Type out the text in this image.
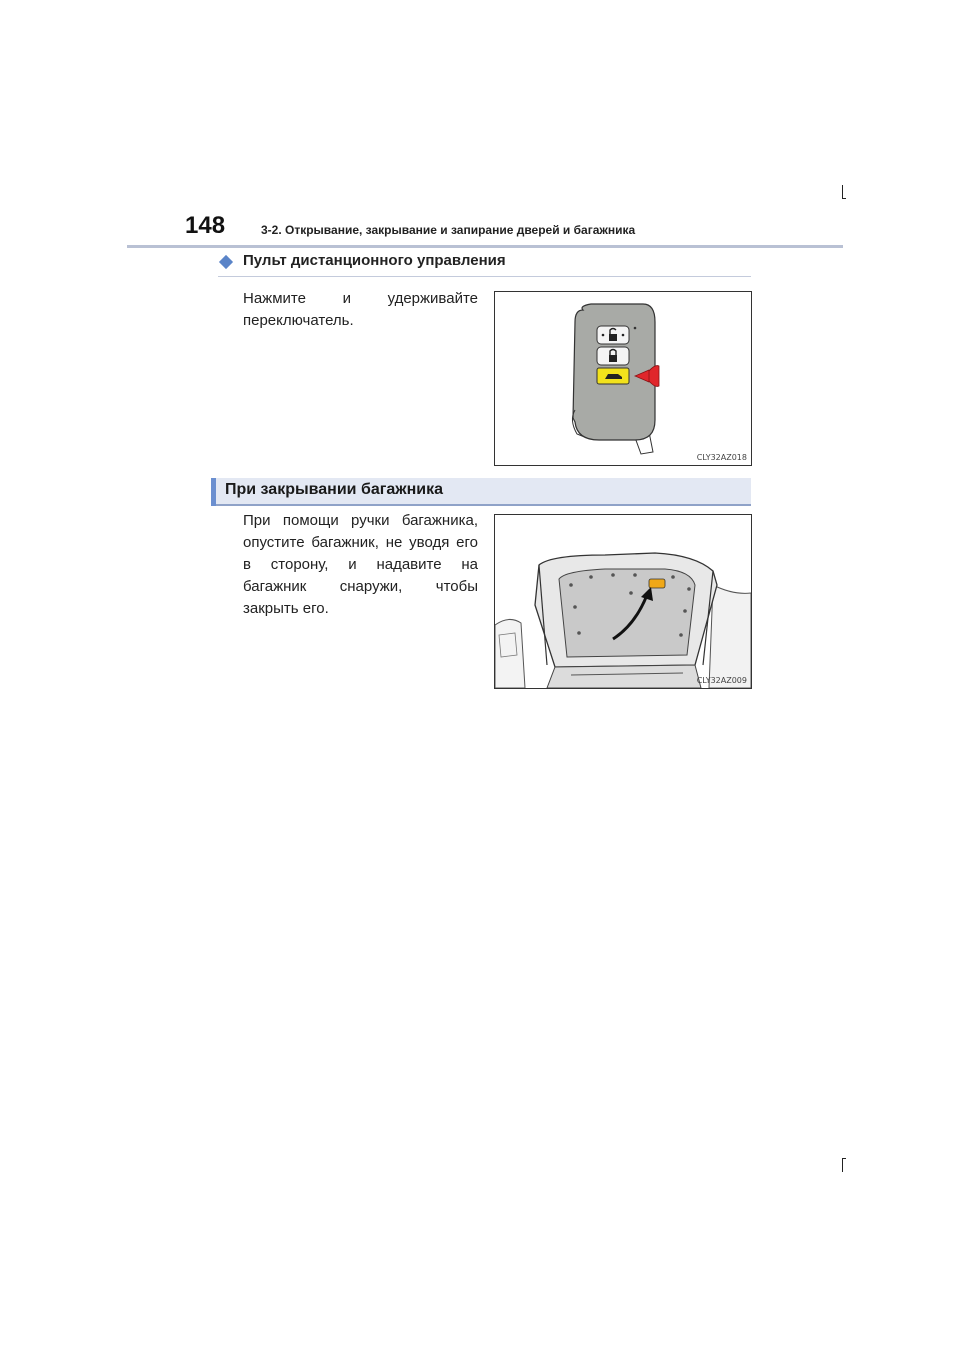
148	3-2. Открывание, закрывание и запирание дверей и багажника
Пульт дистанционного управления
Нажмите и удерживайте переключатель.
CLY32AZ018
При закрывании багажника
При помощи ручки багажника, опустите багажник, не уводя его в сторону, и надавите на багажник снаружи, чтобы закрыть его.
CLY32AZ009
